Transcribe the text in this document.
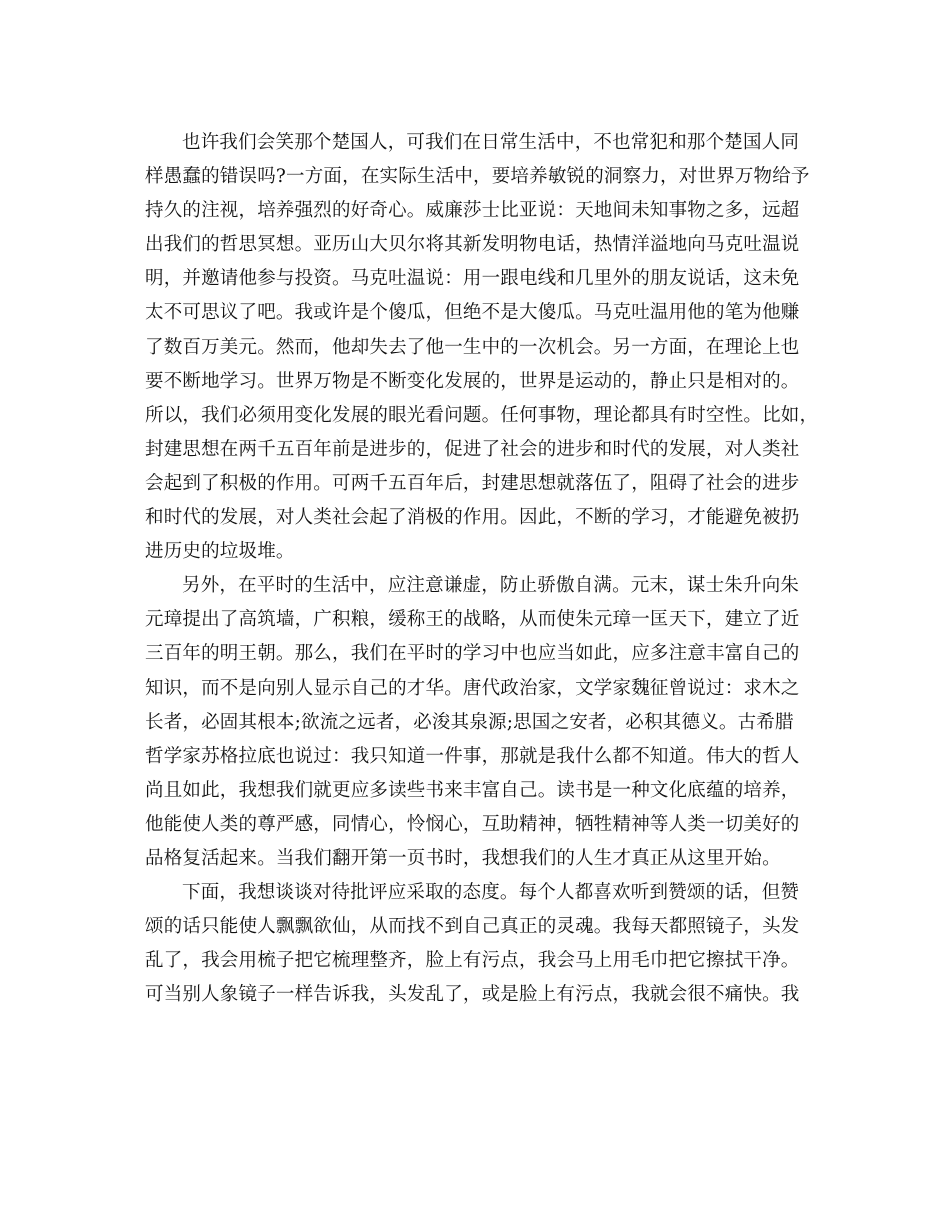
也许我们会笑那个楚国人，可我们在日常生活中，不也常犯和那个楚国人同
样愚蠢的错误吗?一方面，在实际生活中，要培养敏锐的洞察力，对世界万物给予
持久的注视，培养强烈的好奇心。威廉莎士比亚说：天地间未知事物之多，远超
出我们的哲思冥想。亚历山大贝尔将其新发明物电话，热情洋溢地向马克吐温说
明，并邀请他参与投资。马克吐温说：用一跟电线和几里外的朋友说话，这未免
太不可思议了吧。我或许是个傻瓜，但绝不是大傻瓜。马克吐温用他的笔为他赚
了数百万美元。然而，他却失去了他一生中的一次机会。另一方面，在理论上也
要不断地学习。世界万物是不断变化发展的，世界是运动的，静止只是相对的。
所以，我们必须用变化发展的眼光看问题。任何事物，理论都具有时空性。比如，
封建思想在两千五百年前是进步的，促进了社会的进步和时代的发展，对人类社
会起到了积极的作用。可两千五百年后，封建思想就落伍了，阻碍了社会的进步
和时代的发展，对人类社会起了消极的作用。因此，不断的学习，才能避免被扔
进历史的垃圾堆。
另外，在平时的生活中，应注意谦虚，防止骄傲自满。元末，谋士朱升向朱
元璋提出了高筑墙，广积粮，缓称王的战略，从而使朱元璋一匡天下，建立了近
三百年的明王朝。那么，我们在平时的学习中也应当如此，应多注意丰富自己的
知识，而不是向别人显示自己的才华。唐代政治家，文学家魏征曾说过：求木之
长者，必固其根本;欲流之远者，必浚其泉源;思国之安者，必积其德义。古希腊
哲学家苏格拉底也说过：我只知道一件事，那就是我什么都不知道。伟大的哲人
尚且如此，我想我们就更应多读些书来丰富自己。读书是一种文化底蕴的培养，
他能使人类的尊严感，同情心，怜悯心，互助精神，牺牲精神等人类一切美好的
品格复活起来。当我们翻开第一页书时，我想我们的人生才真正从这里开始。
下面，我想谈谈对待批评应采取的态度。每个人都喜欢听到赞颂的话，但赞
颂的话只能使人飘飘欲仙，从而找不到自己真正的灵魂。我每天都照镜子，头发
乱了，我会用梳子把它梳理整齐，脸上有污点，我会马上用毛巾把它擦拭干净。
可当别人象镜子一样告诉我，头发乱了，或是脸上有污点，我就会很不痛快。我
